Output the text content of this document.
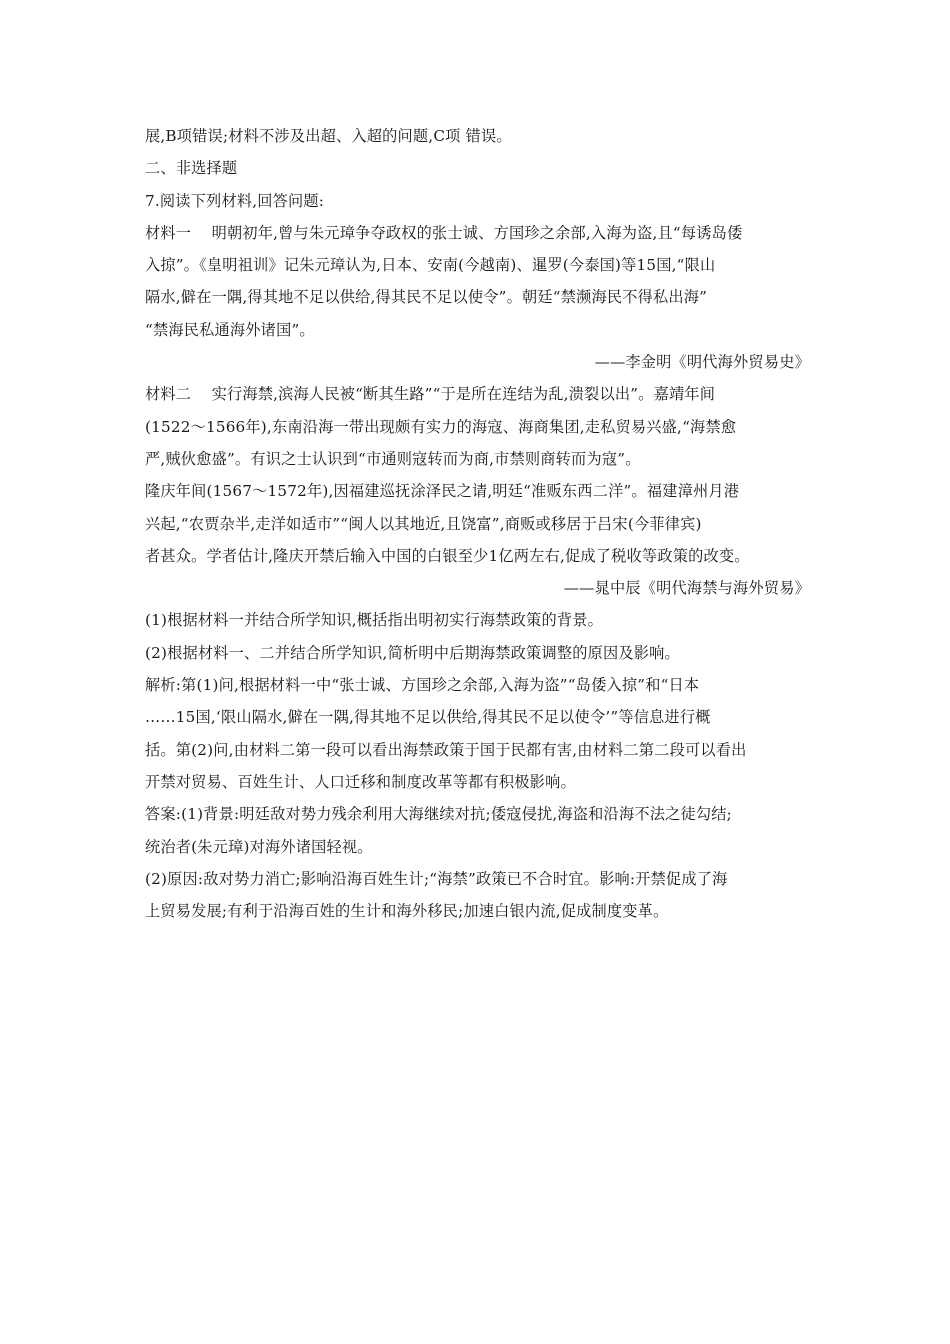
展,B项错误;材料不涉及出超、入超的问题,C项 错误。
二、非选择题
7.阅读下列材料,回答问题:
材料一　 明朝初年,曾与朱元璋争夺政权的张士诚、方国珍之余部,入海为盗,且“每诱岛倭
入掠”。《皇明祖训》记朱元璋认为,日本、安南(今越南)、暹罗(今泰国)等15国,“限山
隔水,僻在一隅,得其地不足以供给,得其民不足以使令”。朝廷“禁濒海民不得私出海”
“禁海民私通海外诸国”。
——李金明《明代海外贸易史》
材料二　 实行海禁,滨海人民被“断其生路”“于是所在连结为乱,溃裂以出”。嘉靖年间
(1522～1566年),东南沿海一带出现颇有实力的海寇、海商集团,走私贸易兴盛,“海禁愈
严,贼伙愈盛”。有识之士认识到“市通则寇转而为商,市禁则商转而为寇”。
隆庆年间(1567～1572年),因福建巡抚涂泽民之请,明廷“准贩东西二洋”。福建漳州月港
兴起,“农贾杂半,走洋如适市”“闽人以其地近,且饶富”,商贩或移居于吕宋(今菲律宾)
者甚众。学者估计,隆庆开禁后输入中国的白银至少1亿两左右,促成了税收等政策的改变。
——晁中辰《明代海禁与海外贸易》
(1)根据材料一并结合所学知识,概括指出明初实行海禁政策的背景。
(2)根据材料一、二并结合所学知识,简析明中后期海禁政策调整的原因及影响。
解析:第(1)问,根据材料一中“张士诚、方国珍之余部,入海为盗”“岛倭入掠”和“日本
……15国,‘限山隔水,僻在一隅,得其地不足以供给,得其民不足以使令’”等信息进行概
括。第(2)问,由材料二第一段可以看出海禁政策于国于民都有害,由材料二第二段可以看出
开禁对贸易、百姓生计、人口迁移和制度改革等都有积极影响。
答案:(1)背景:明廷敌对势力残余利用大海继续对抗;倭寇侵扰,海盗和沿海不法之徒勾结;
统治者(朱元璋)对海外诸国轻视。
(2)原因:敌对势力消亡;影响沿海百姓生计;“海禁”政策已不合时宜。影响:开禁促成了海
上贸易发展;有利于沿海百姓的生计和海外移民;加速白银内流,促成制度变革。
